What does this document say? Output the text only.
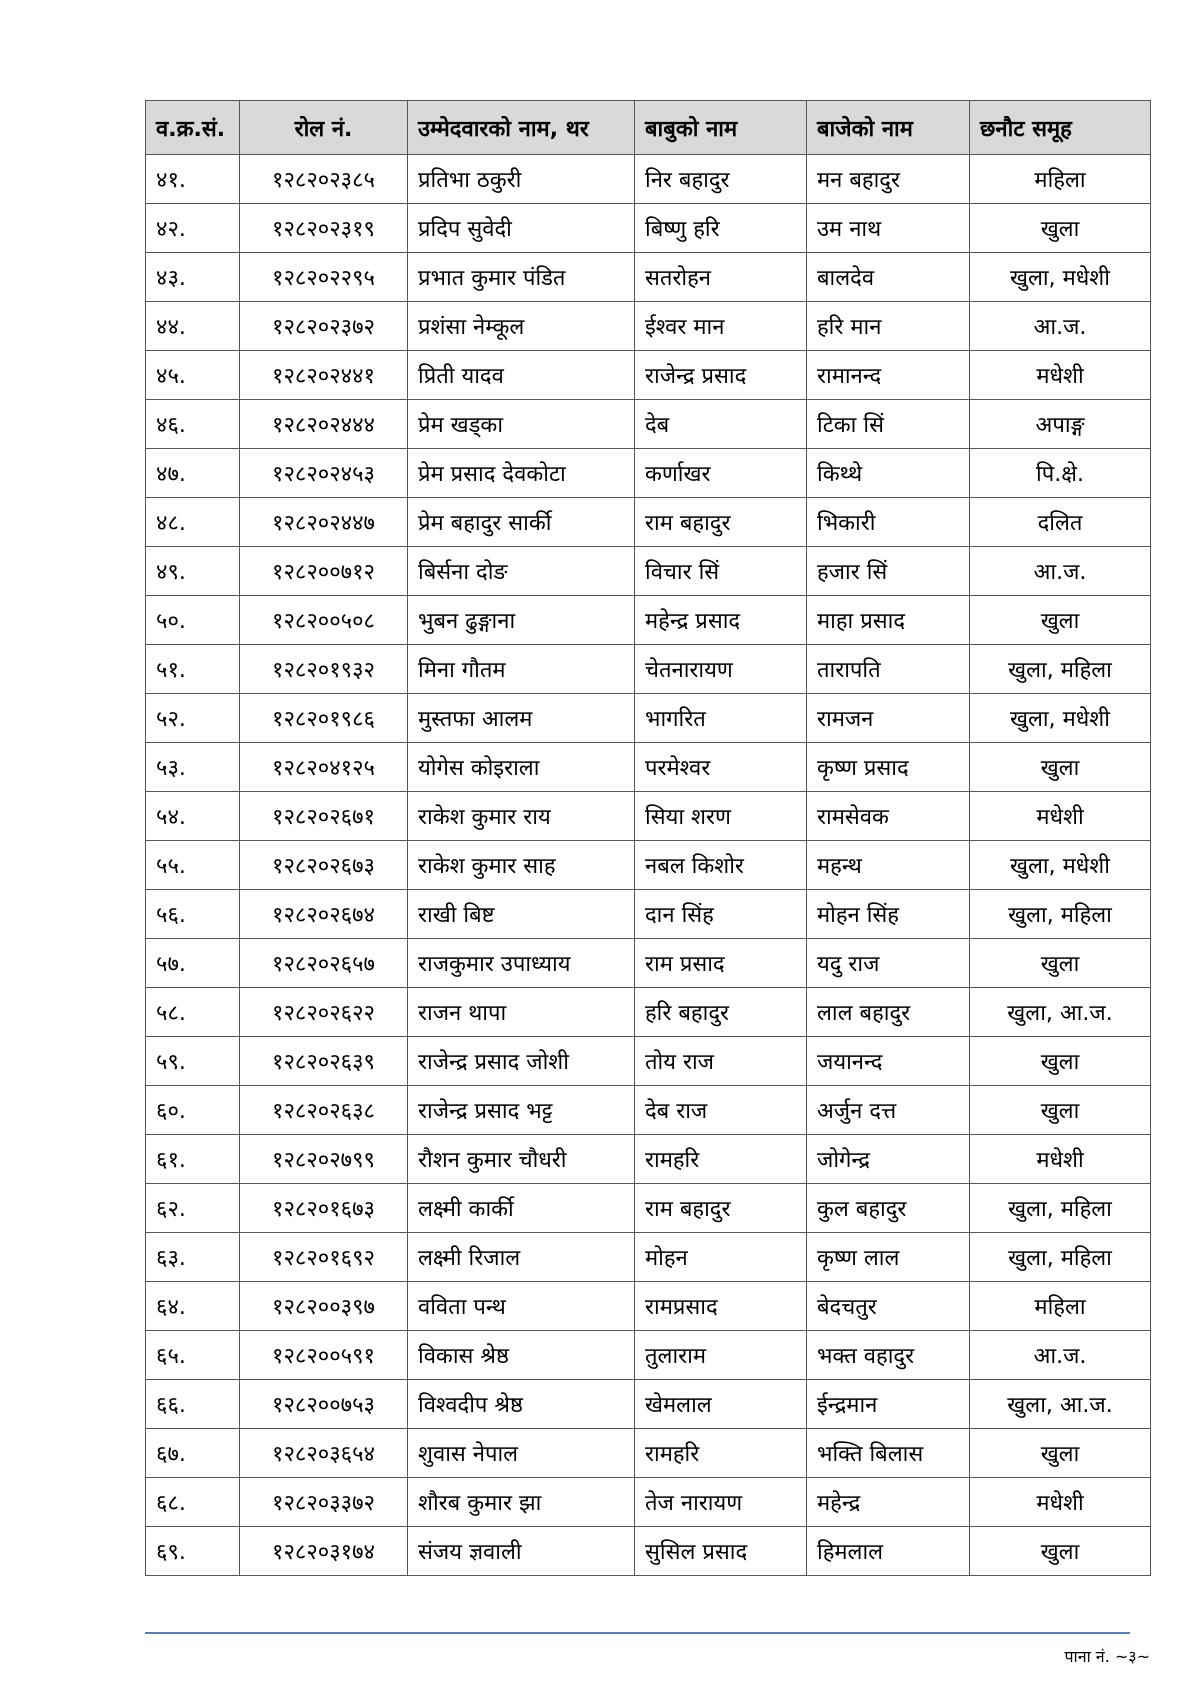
व.क्र.सं.	रोल नं.	उम्मेदवारको नाम, थर	बाबुको नाम	बाजेको नाम	छनौट समूह
४१.	१२८२०२३८५	प्रतिभा ठकुरी	निर बहादुर	मन बहादुर	महिला
४२.	१२८२०२३१९	प्रदिप सुवेदी	बिष्णु हरि	उम नाथ	खुला
४३.	१२८२०२२९५	प्रभात कुमार पंडित	सतरोहन	बालदेव	खुला, मधेशी
४४.	१२८२०२३७२	प्रशंसा नेम्कूल	ईश्वर मान	हरि मान	आ.ज.
४५.	१२८२०२४४१	प्रिती यादव	राजेन्द्र प्रसाद	रामानन्द	मधेशी
४६.	१२८२०२४४४	प्रेम खड्का	देब	टिका सिं	अपाङ्ग
४७.	१२८२०२४५३	प्रेम प्रसाद देवकोटा	कर्णाखर	किथ्थे	पि.क्षे.
४८.	१२८२०२४४७	प्रेम बहादुर सार्की	राम बहादुर	भिकारी	दलित
४९.	१२८२००७१२	बिर्सना दोङ	विचार सिं	हजार सिं	आ.ज.
५०.	१२८२००५०८	भुबन ढुङ्गाना	महेन्द्र प्रसाद	माहा प्रसाद	खुला
५१.	१२८२०१९३२	मिना गौतम	चेतनारायण	तारापति	खुला, महिला
५२.	१२८२०१९८६	मुस्तफा आलम	भागरित	रामजन	खुला, मधेशी
५३.	१२८२०४१२५	योगेस कोइराला	परमेश्वर	कृष्ण प्रसाद	खुला
५४.	१२८२०२६७१	राकेश कुमार राय	सिया शरण	रामसेवक	मधेशी
५५.	१२८२०२६७३	राकेश कुमार साह	नबल किशोर	महन्थ	खुला, मधेशी
५६.	१२८२०२६७४	राखी बिष्ट	दान सिंह	मोहन सिंह	खुला, महिला
५७.	१२८२०२६५७	राजकुमार उपाध्याय	राम प्रसाद	यदु राज	खुला
५८.	१२८२०२६२२	राजन थापा	हरि बहादुर	लाल बहादुर	खुला, आ.ज.
५९.	१२८२०२६३९	राजेन्द्र प्रसाद जोशी	तोय राज	जयानन्द	खुला
६०.	१२८२०२६३८	राजेन्द्र प्रसाद भट्ट	देब राज	अर्जुन दत्त	खुला
६१.	१२८२०२७९९	रौशन कुमार चौधरी	रामहरि	जोगेन्द्र	मधेशी
६२.	१२८२०१६७३	लक्ष्मी कार्की	राम बहादुर	कुल बहादुर	खुला, महिला
६३.	१२८२०१६९२	लक्ष्मी रिजाल	मोहन	कृष्ण लाल	खुला, महिला
६४.	१२८२००३९७	वविता पन्थ	रामप्रसाद	बेदचतुर	महिला
६५.	१२८२००५९१	विकास श्रेष्ठ	तुलाराम	भक्त वहादुर	आ.ज.
६६.	१२८२००७५३	विश्वदीप श्रेष्ठ	खेमलाल	ईन्द्रमान	खुला, आ.ज.
६७.	१२८२०३६५४	शुवास नेपाल	रामहरि	भक्ति बिलास	खुला
६८.	१२८२०३३७२	शौरब कुमार झा	तेज नारायण	महेन्द्र	मधेशी
६९.	१२८२०३१७४	संजय ज्ञवाली	सुसिल प्रसाद	हिमलाल	खुला
पाना नं. ~३~
